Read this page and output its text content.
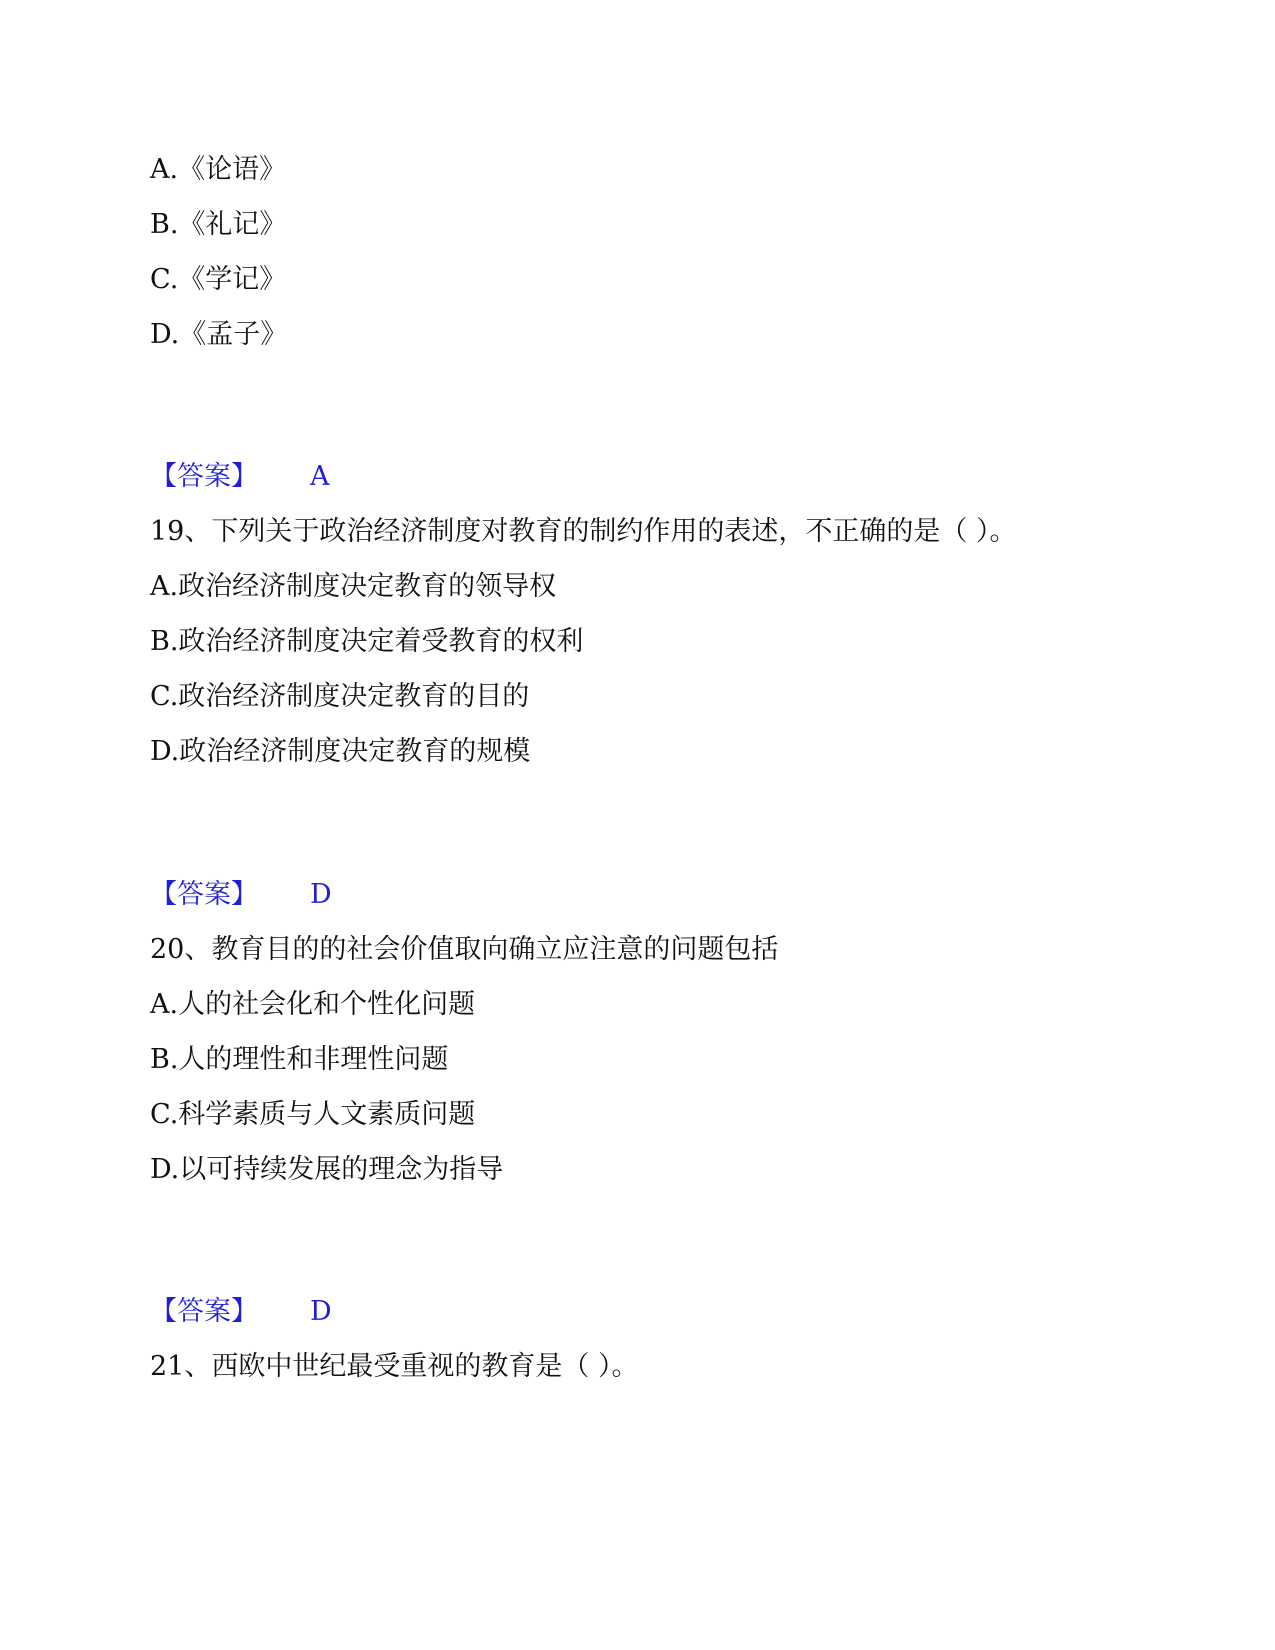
A.《论语》

B.《礼记》

C.《学记》

D.《孟子》

【答案】 A

19、下列关于政治经济制度对教育的制约作用的表述，不正确的是（ ）。

A.政治经济制度决定教育的领导权

B.政治经济制度决定着受教育的权利

C.政治经济制度决定教育的目的

D.政治经济制度决定教育的规模

【答案】 D

20、教育目的的社会价值取向确立应注意的问题包括

A.人的社会化和个性化问题

B.人的理性和非理性问题

C.科学素质与人文素质问题

D.以可持续发展的理念为指导

【答案】 D

21、西欧中世纪最受重视的教育是（ ）。
